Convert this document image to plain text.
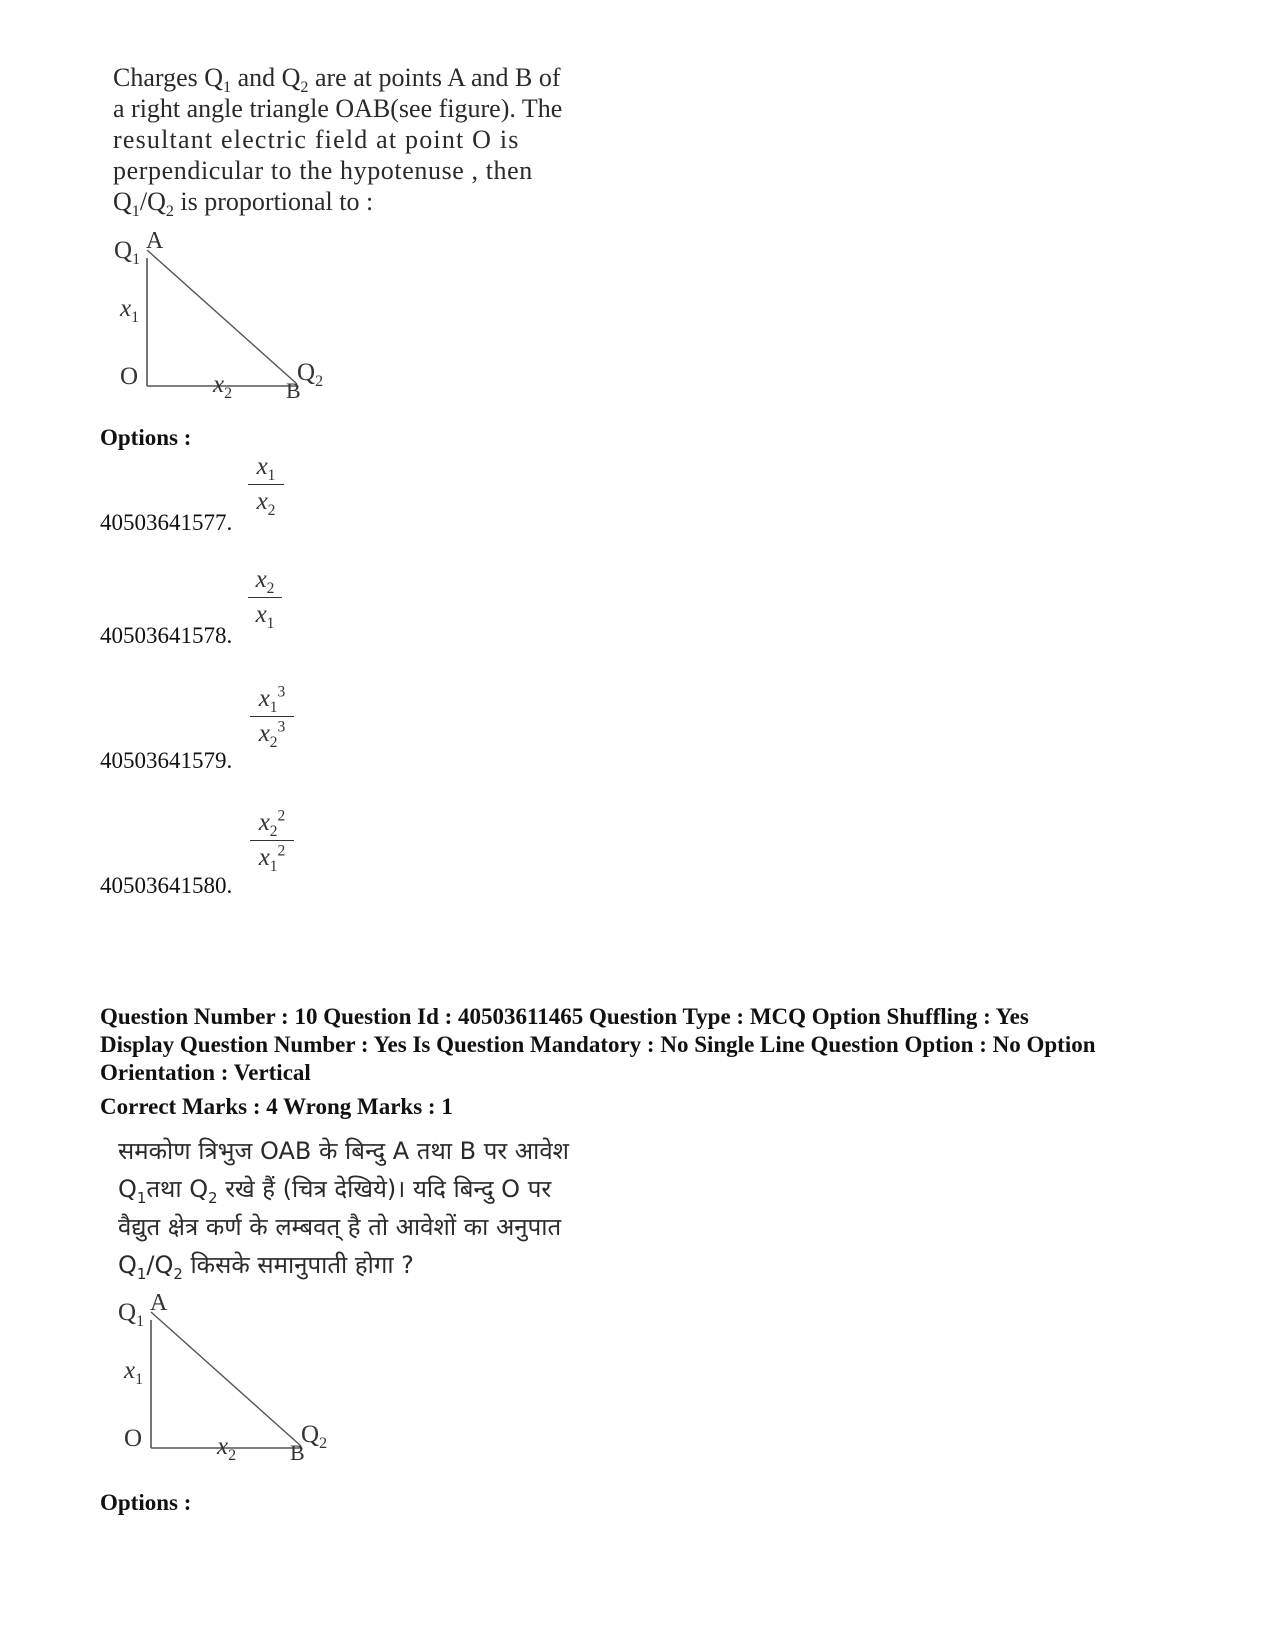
Charges $Q_1$ and $Q_2$ are at points A and B of
a right angle triangle OAB(see figure). The
resultant electric field at point O is
perpendicular to the hypotenuse , then
$Q_1/Q_2$ is proportional to :
$Q_1$
A
$x_1$
O	$x_2$ B
$Q_2$
Options :
40503641577.
$x_1$
$x_2$
40503641578.
$x_2$
$x_1$
40503641579.
$x_1^3$
$x_2^3$
40503641580.
$x_2^2$
$x_1^2$
Question Number : 10 Question Id : 40503611465 Question Type : MCQ Option Shuffling : Yes
Display Question Number : Yes Is Question Mandatory : No Single Line Question Option : No Option
Orientation : Vertical
Correct Marks : 4 Wrong Marks : 1
समकोण त्रिभुज OAB के बिन्दु A तथा B पर आवेश
$Q_1तथा$ $Q_2$ रखे हैं (चित्र देखिये)। यदि बिन्दु O पर
वैद्युत क्षेत्र कर्ण के लम्बवत् है तो आवेशों का अनुपात
$Q_1/Q_2$ किसके समानुपाती होगा ?
$Q_1$
A
$x_1$
O	$x_2$ B
$Q_2$
Options :
